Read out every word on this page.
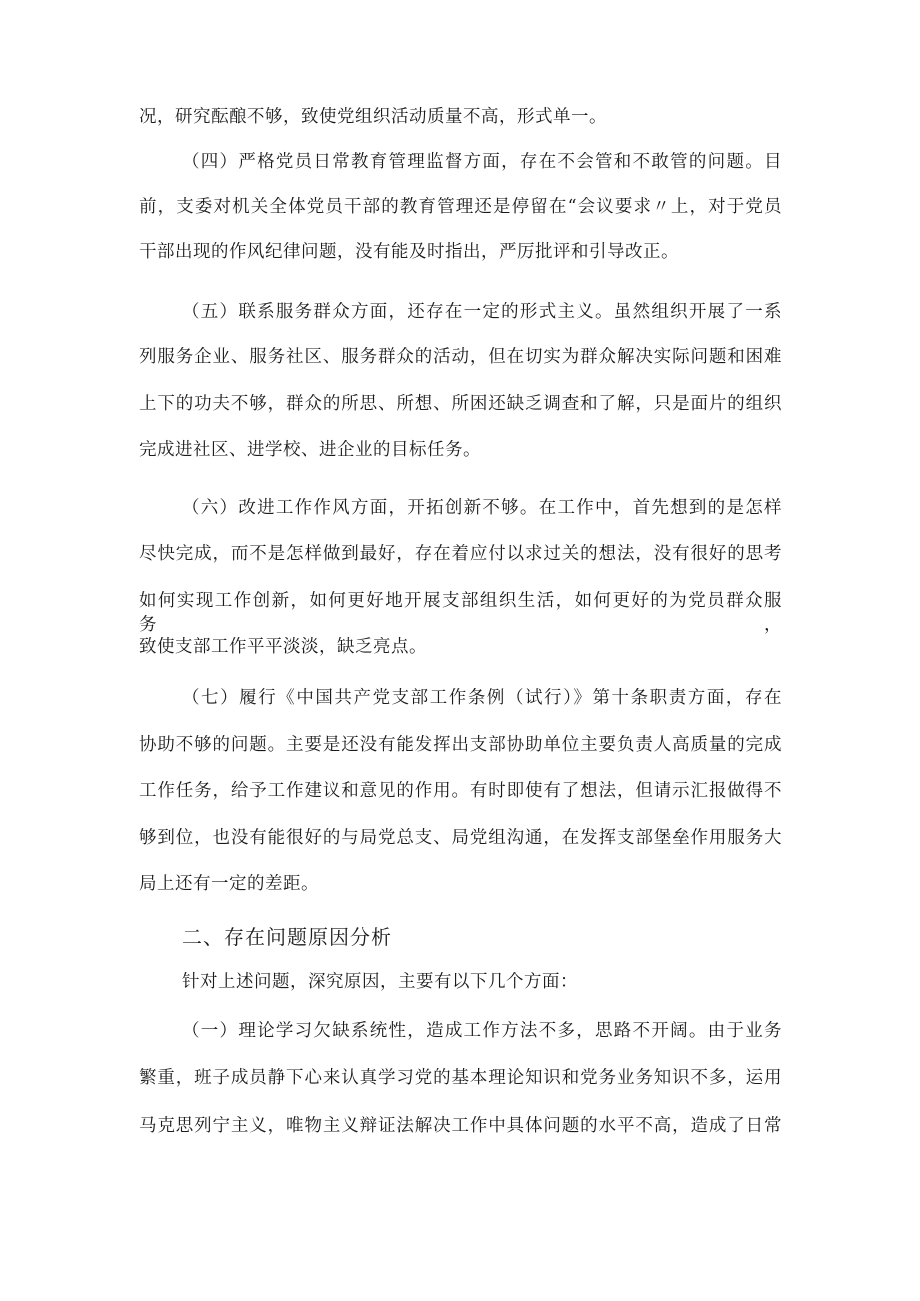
况，研究酝酿不够，致使党组织活动质量不高，形式单一。
（四）严格党员日常教育管理监督方面，存在不会管和不敢管的问题。目
前，支委对机关全体党员干部的教育管理还是停留在“会议要求〃上，对于党员
干部出现的作风纪律问题，没有能及时指出，严厉批评和引导改正。
（五）联系服务群众方面，还存在一定的形式主义。虽然组织开展了一系
列服务企业、服务社区、服务群众的活动，但在切实为群众解决实际问题和困难
上下的功夫不够，群众的所思、所想、所困还缺乏调查和了解，只是面片的组织
完成进社区、进学校、进企业的目标任务。
（六）改进工作作风方面，开拓创新不够。在工作中，首先想到的是怎样
尽快完成，而不是怎样做到最好，存在着应付以求过关的想法，没有很好的思考
如何实现工作创新，如何更好地开展支部组织生活，如何更好的为党员群众服务，
致使支部工作平平淡淡，缺乏亮点。
（七）履行《中国共产党支部工作条例（试行）》第十条职责方面，存在
协助不够的问题。主要是还没有能发挥出支部协助单位主要负责人高质量的完成
工作任务，给予工作建议和意见的作用。有时即使有了想法，但请示汇报做得不
够到位，也没有能很好的与局党总支、局党组沟通，在发挥支部堡垒作用服务大
局上还有一定的差距。
二、存在问题原因分析
针对上述问题，深究原因，主要有以下几个方面：
（一）理论学习欠缺系统性，造成工作方法不多，思路不开阔。由于业务
繁重，班子成员静下心来认真学习党的基本理论知识和党务业务知识不多，运用
马克思列宁主义，唯物主义辩证法解决工作中具体问题的水平不高，造成了日常
